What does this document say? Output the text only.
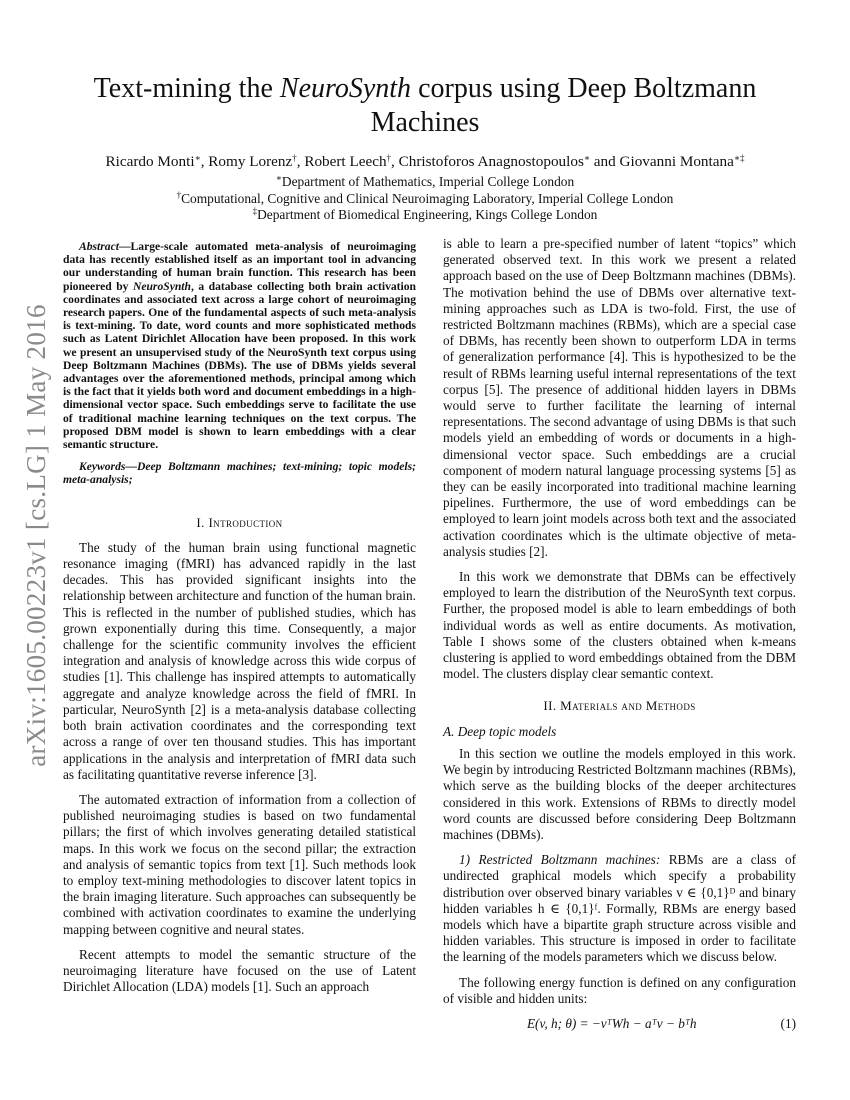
arXiv:1605.00223v1 [cs.LG] 1 May 2016
Text-mining the NeuroSynth corpus using Deep Boltzmann Machines
Ricardo Monti∗, Romy Lorenz†, Robert Leech†, Christoforos Anagnostopoulos∗ and Giovanni Montana∗‡
∗Department of Mathematics, Imperial College London
†Computational, Cognitive and Clinical Neuroimaging Laboratory, Imperial College London
‡Department of Biomedical Engineering, Kings College London

Abstract—Large-scale automated meta-analysis of neuroimaging data has recently established itself as an important tool in advancing our understanding of human brain function. This research has been pioneered by NeuroSynth, a database collecting both brain activation coordinates and associated text across a large cohort of neuroimaging research papers. One of the fundamental aspects of such meta-analysis is text-mining. To date, word counts and more sophisticated methods such as Latent Dirichlet Allocation have been proposed. In this work we present an unsupervised study of the NeuroSynth text corpus using Deep Boltzmann Machines (DBMs). The use of DBMs yields several advantages over the aforementioned methods, principal among which is the fact that it yields both word and document embeddings in a high-dimensional vector space. Such embeddings serve to facilitate the use of traditional machine learning techniques on the text corpus. The proposed DBM model is shown to learn embeddings with a clear semantic structure.

Keywords—Deep Boltzmann machines; text-mining; topic models; meta-analysis;

I. Introduction

The study of the human brain using functional magnetic resonance imaging (fMRI) has advanced rapidly in the last decades. This has provided significant insights into the relationship between architecture and function of the human brain. This is reflected in the number of published studies, which has grown exponentially during this time. Consequently, a major challenge for the scientific community involves the efficient integration and analysis of knowledge across this wide corpus of studies [1]. This challenge has inspired attempts to automatically aggregate and analyze knowledge across the field of fMRI. In particular, NeuroSynth [2] is a meta-analysis database collecting both brain activation coordinates and the corresponding text across a range of over ten thousand studies. This has important applications in the analysis and interpretation of fMRI data such as facilitating quantitative reverse inference [3].

The automated extraction of information from a collection of published neuroimaging studies is based on two fundamental pillars; the first of which involves generating detailed statistical maps. In this work we focus on the second pillar; the extraction and analysis of semantic topics from text [1]. Such methods look to employ text-mining methodologies to discover latent topics in the brain imaging literature. Such approaches can subsequently be combined with activation coordinates to examine the underlying mapping between cognitive and neural states.

Recent attempts to model the semantic structure of the neuroimaging literature have focused on the use of Latent Dirichlet Allocation (LDA) models [1]. Such an approach

is able to learn a pre-specified number of latent “topics” which generated observed text. In this work we present a related approach based on the use of Deep Boltzmann machines (DBMs). The motivation behind the use of DBMs over alternative text-mining approaches such as LDA is two-fold. First, the use of restricted Boltzmann machines (RBMs), which are a special case of DBMs, has recently been shown to outperform LDA in terms of generalization performance [4]. This is hypothesized to be the result of RBMs learning useful internal representations of the text corpus [5]. The presence of additional hidden layers in DBMs would serve to further facilitate the learning of internal representations. The second advantage of using DBMs is that such models yield an embedding of words or documents in a high-dimensional vector space. Such embeddings are a crucial component of modern natural language processing systems [5] as they can be easily incorporated into traditional machine learning pipelines. Furthermore, the use of word embeddings can be employed to learn joint models across both text and the associated activation coordinates which is the ultimate objective of meta-analysis studies [2].

In this work we demonstrate that DBMs can be effectively employed to learn the distribution of the NeuroSynth text corpus. Further, the proposed model is able to learn embeddings of both individual words as well as entire documents. As motivation, Table I shows some of the clusters obtained when k-means clustering is applied to word embeddings obtained from the DBM model. The clusters display clear semantic context.

II. Materials and Methods

A. Deep topic models

In this section we outline the models employed in this work. We begin by introducing Restricted Boltzmann machines (RBMs), which serve as the building blocks of the deeper architectures considered in this work. Extensions of RBMs to directly model word counts are discussed before considering Deep Boltzmann machines (DBMs).

1) Restricted Boltzmann machines: RBMs are a class of undirected graphical models which specify a probability distribution over observed binary variables v ∈ {0,1}ᴰ and binary hidden variables h ∈ {0,1}ᶠ. Formally, RBMs are energy based models which have a bipartite graph structure across visible and hidden variables. This structure is imposed in order to facilitate the learning of the models parameters which we discuss below.

The following energy function is defined on any configuration of visible and hidden units:

E(v, h; θ) = −vᵀWh − aᵀv − bᵀh	(1)
